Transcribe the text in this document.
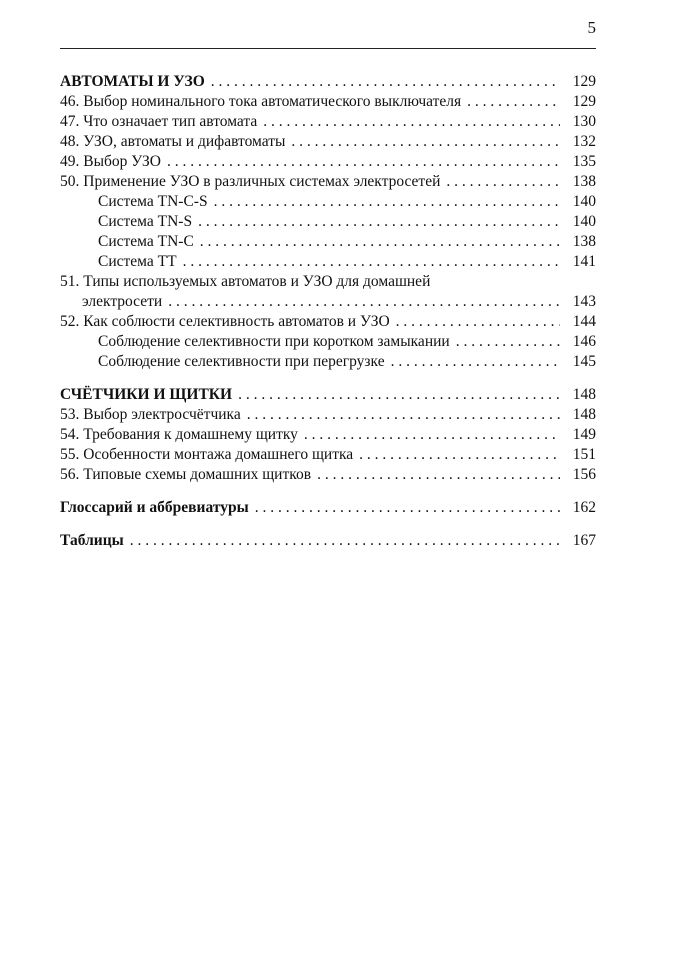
5
АВТОМАТЫ И УЗО . . .	129
46. Выбор номинального тока автоматического выключателя . . .	129
47. Что означает тип автомата . . .	130
48. УЗО, автоматы и дифавтоматы . . .	132
49. Выбор УЗО . . .	135
50. Применение УЗО в различных системах электросетей . . .	138
Система TN-C-S . . .	140
Система TN-S . . .	140
Система TN-C . . .	138
Система TT . . .	141
51. Типы используемых автоматов и УЗО для домашней
электросети . . .	143
52. Как соблюсти селективность автоматов и УЗО . . .	144
Соблюдение селективности при коротком замыкании . . .	146
Соблюдение селективности при перегрузке . . .	145
СЧЁТЧИКИ И ЩИТКИ . . .	148
53. Выбор электросчётчика . . .	148
54. Требования к домашнему щитку . . .	149
55. Особенности монтажа домашнего щитка . . .	151
56. Типовые схемы домашних щитков . . .	156
Глоссарий и аббревиатуры . . .	162
Таблицы . . .	167
